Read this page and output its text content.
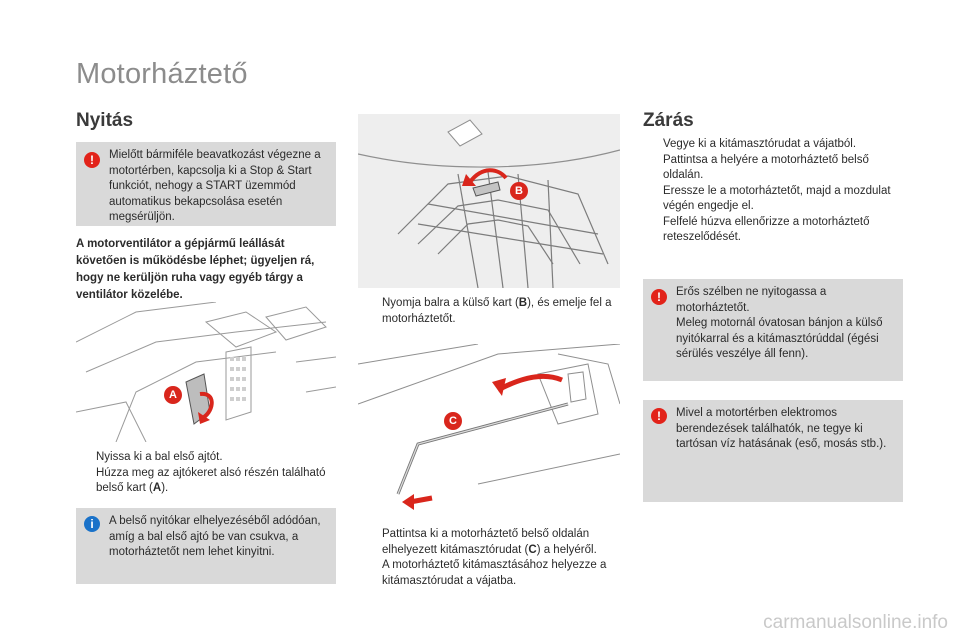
Motorháztető
Nyitás
!	Mielőtt bármiféle beavatkozást végezne a motortérben, kapcsolja ki a Stop & Start funkciót, nehogy a START üzemmód automatikus bekapcsolása esetén megsérüljön.
A motorventilátor a gépjármű leállását követően is működésbe léphet; ügyeljen rá, hogy ne kerüljön ruha vagy egyéb tárgy a ventilátor közelébe.
A
Nyissa ki a bal első ajtót.
Húzza meg az ajtókeret alsó részén található belső kart (A).
i	A belső nyitókar elhelyezéséből adódóan, amíg a bal első ajtó be van csukva, a motorháztetőt nem lehet kinyitni.
B
Nyomja balra a külső kart (B), és emelje fel a motorháztetőt.
C
Pattintsa ki a motorháztető belső oldalán elhelyezett kitámasztórudat (C) a helyéről.
A motorháztető kitámasztásához helyezze a kitámasztórudat a vájatba.
Zárás
Vegye ki a kitámasztórudat a vájatból.
Pattintsa a helyére a motorháztető belső oldalán.
Eressze le a motorháztetőt, majd a mozdulat végén engedje el.
Felfelé húzva ellenőrizze a motorháztető reteszelődését.
!	Erős szélben ne nyitogassa a motorháztetőt.
Meleg motornál óvatosan bánjon a külső nyitókarral és a kitámasztórúddal (égési sérülés veszélye áll fenn).
!	Mivel a motortérben elektromos berendezések találhatók, ne tegye ki tartósan víz hatásának (eső, mosás stb.).
carmanualsonline.info
